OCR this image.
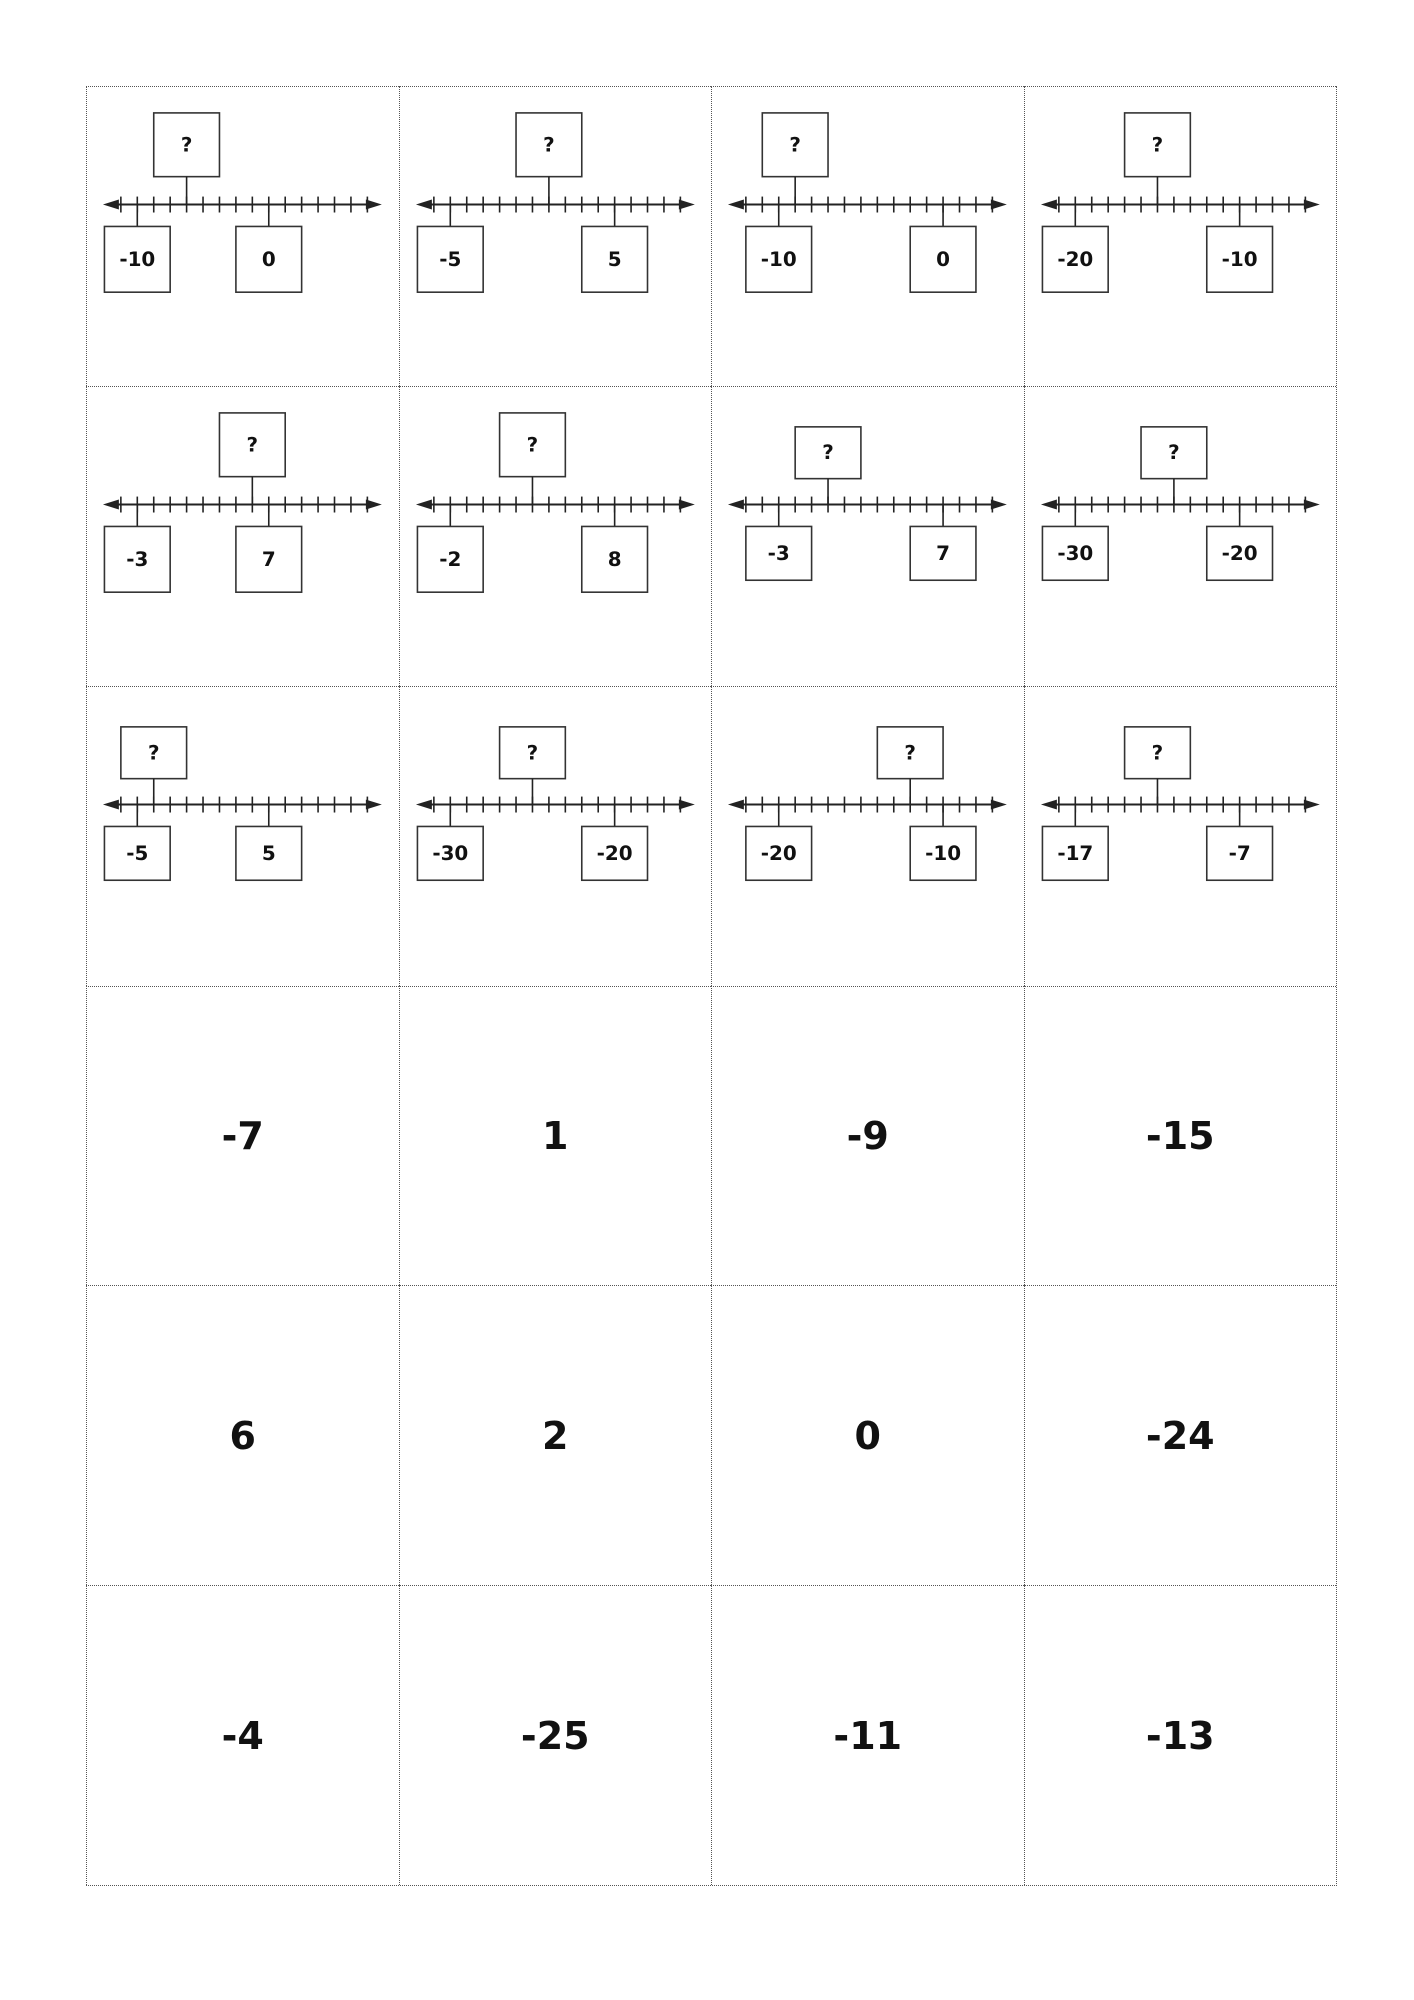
?
-10	0
?
-5	5
?
-10	0
?
-20	-10
?
-3	7
?
-2	8
?
-3	7
?
-30	-20
?
-5	5
?
-30	-20
?
-20	-10
?
-17	-7
-7	1	-9	-15
6	2	0	-24
-4	-25	-11	-13
